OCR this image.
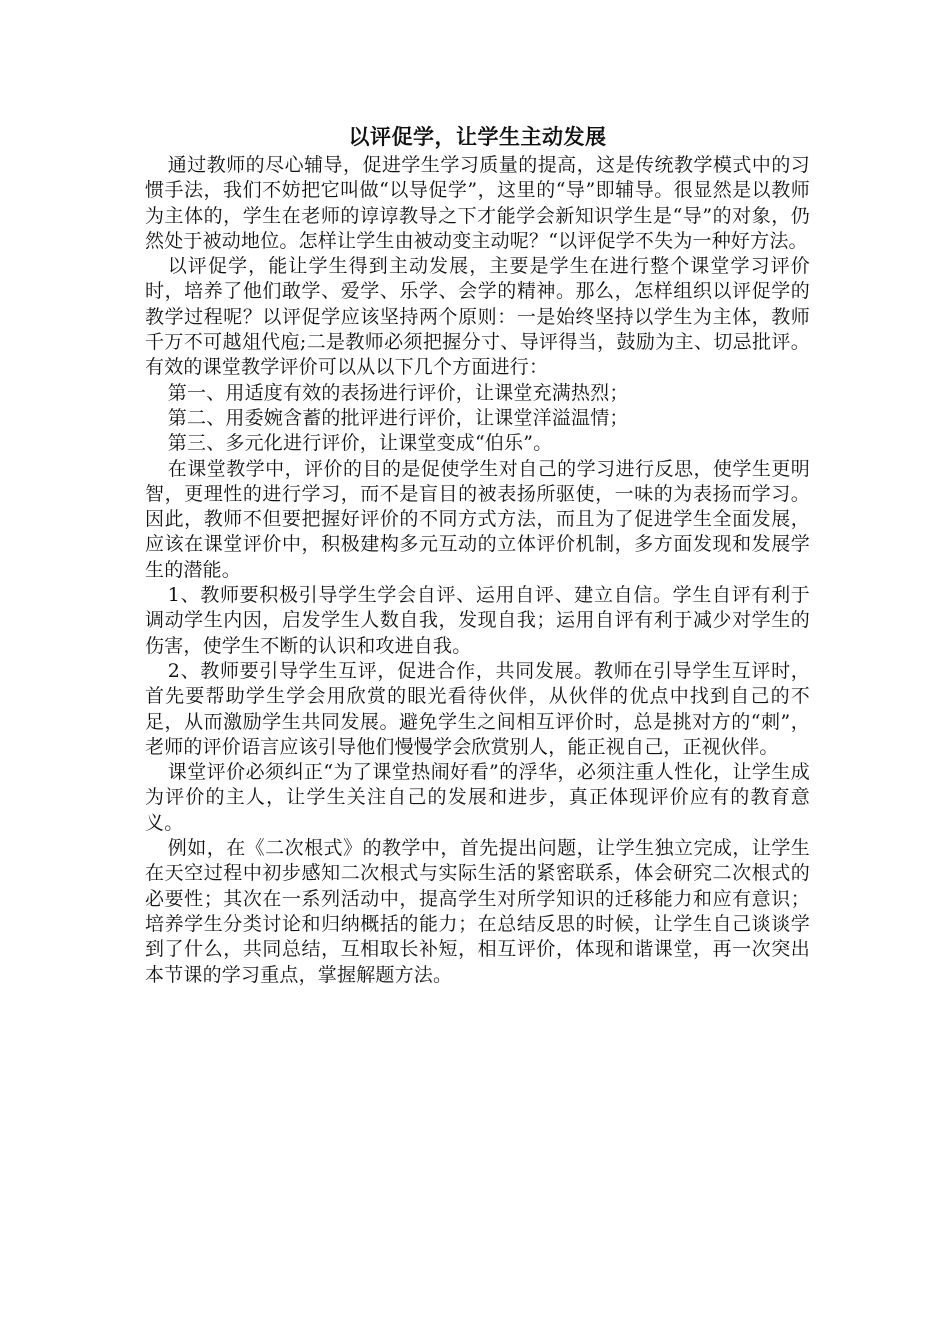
以评促学，让学生主动发展

通过教师的尽心辅导，促进学生学习质量的提高，这是传统教学模式中的习惯手法，我们不妨把它叫做“以导促学”，这里的“导”即辅导。很显然是以教师为主体的，学生在老师的谆谆教导之下才能学会新知识学生是“导”的对象，仍然处于被动地位。怎样让学生由被动变主动呢？“以评促学不失为一种好方法。

以评促学，能让学生得到主动发展，主要是学生在进行整个课堂学习评价时，培养了他们敢学、爱学、乐学、会学的精神。那么，怎样组织以评促学的教学过程呢？以评促学应该坚持两个原则：一是始终坚持以学生为主体，教师千万不可越俎代庖;二是教师必须把握分寸、导评得当，鼓励为主、切忌批评。有效的课堂教学评价可以从以下几个方面进行：

第一、用适度有效的表扬进行评价，让课堂充满热烈；

第二、用委婉含蓄的批评进行评价，让课堂洋溢温情；

第三、多元化进行评价，让课堂变成“伯乐”。

在课堂教学中，评价的目的是促使学生对自己的学习进行反思，使学生更明智，更理性的进行学习，而不是盲目的被表扬所驱使，一味的为表扬而学习。因此，教师不但要把握好评价的不同方式方法，而且为了促进学生全面发展，应该在课堂评价中，积极建构多元互动的立体评价机制，多方面发现和发展学生的潜能。

1、教师要积极引导学生学会自评、运用自评、建立自信。学生自评有利于调动学生内因，启发学生人数自我，发现自我；运用自评有利于减少对学生的伤害，使学生不断的认识和攻进自我。

2、教师要引导学生互评，促进合作，共同发展。教师在引导学生互评时，首先要帮助学生学会用欣赏的眼光看待伙伴，从伙伴的优点中找到自己的不足，从而激励学生共同发展。避免学生之间相互评价时，总是挑对方的“刺”，老师的评价语言应该引导他们慢慢学会欣赏别人，能正视自己，正视伙伴。

课堂评价必须纠正“为了课堂热闹好看”的浮华，必须注重人性化，让学生成为评价的主人，让学生关注自己的发展和进步，真正体现评价应有的教育意义。

例如，在《二次根式》的教学中，首先提出问题，让学生独立完成，让学生在天空过程中初步感知二次根式与实际生活的紧密联系，体会研究二次根式的必要性；其次在一系列活动中，提高学生对所学知识的迁移能力和应有意识；培养学生分类讨论和归纳概括的能力；在总结反思的时候，让学生自己谈谈学到了什么，共同总结，互相取长补短，相互评价，体现和谐课堂，再一次突出本节课的学习重点，掌握解题方法。
